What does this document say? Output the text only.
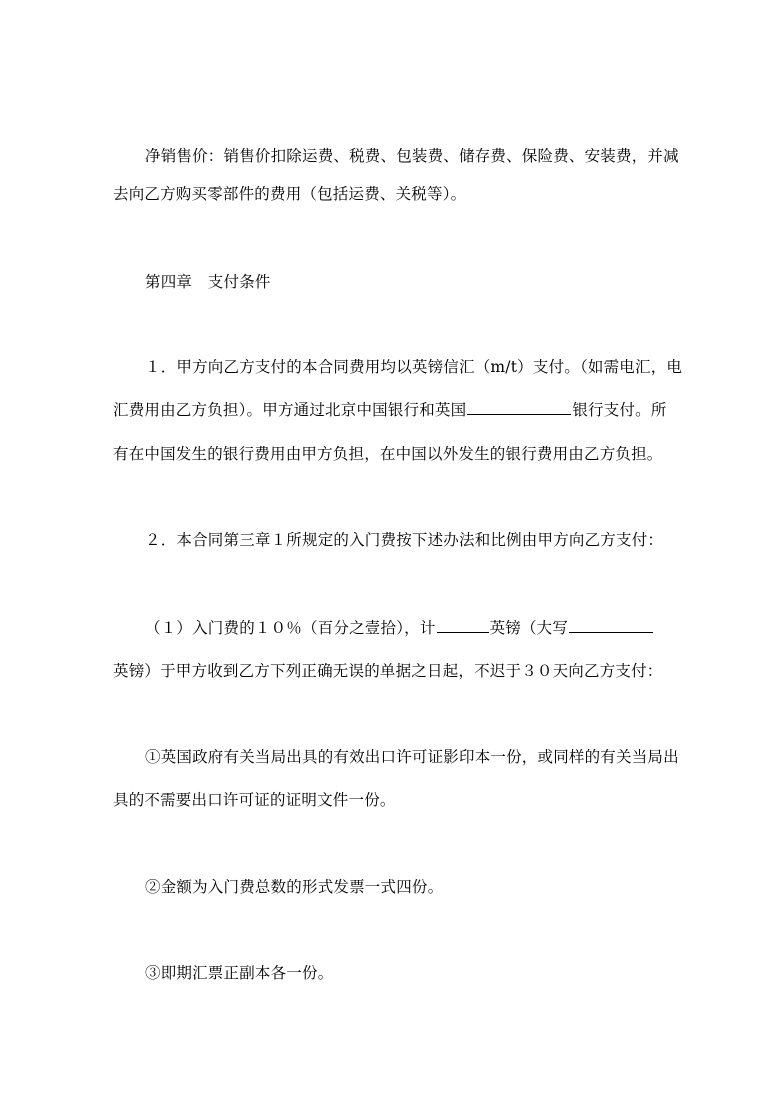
净销售价：销售价扣除运费、税费、包装费、储存费、保险费、安装费，并减
去向乙方购买零部件的费用（包括运费、关税等）。
第四章　支付条件
１．甲方向乙方支付的本合同费用均以英镑信汇（m/t）支付。（如需电汇，电
汇费用由乙方负担）。甲方通过北京中国银行和英国	银行支付。所
有在中国发生的银行费用由甲方负担，在中国以外发生的银行费用由乙方负担。
２．本合同第三章１所规定的入门费按下述办法和比例由甲方向乙方支付：
（１）入门费的１０％（百分之壹拾），计	英镑（大写
英镑）于甲方收到乙方下列正确无误的单据之日起，不迟于３０天向乙方支付：
①英国政府有关当局出具的有效出口许可证影印本一份，或同样的有关当局出
具的不需要出口许可证的证明文件一份。
②金额为入门费总数的形式发票一式四份。
③即期汇票正副本各一份。
